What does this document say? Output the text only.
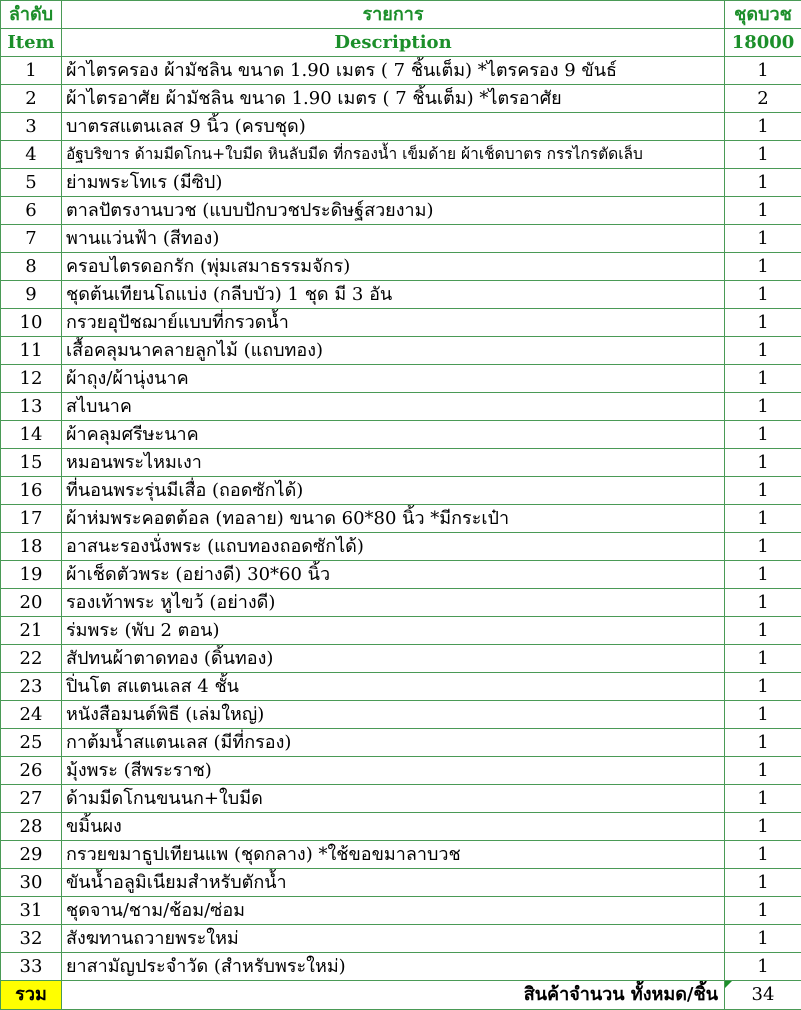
ลำดับ	รายการ	ชุดบวช
Item	Description	18000
1	ผ้าไตรครอง ผ้ามัชลิน ขนาด 1.90 เมตร ( 7 ชิ้นเต็ม) *ไตรครอง 9 ขันธ์	1
2	ผ้าไตรอาศัย ผ้ามัชลิน ขนาด 1.90 เมตร ( 7 ชิ้นเต็ม) *ไตรอาศัย	2
3	บาตรสแตนเลส 9 นิ้ว (ครบชุด)	1
4	อัฐบริขาร ด้ามมีดโกน+ใบมีด หินลับมีด ที่กรองน้ำ เข็มด้าย ผ้าเช็ดบาตร กรรไกรตัดเล็บ	1
5	ย่ามพระโทเร (มีซิป)	1
6	ตาลปัตรงานบวช (แบบปักบวชประดิษฐ์สวยงาม)	1
7	พานแว่นฟ้า (สีทอง)	1
8	ครอบไตรดอกรัก (พุ่มเสมาธรรมจักร)	1
9	ชุดต้นเทียนโถแบ่ง (กลีบบัว) 1 ชุด มี 3 อัน	1
10	กรวยอุปัชฌาย์แบบที่กรวดน้ำ	1
11	เสื้อคลุมนาคลายลูกไม้ (แถบทอง)	1
12	ผ้าถุง/ผ้านุ่งนาค	1
13	สไบนาค	1
14	ผ้าคลุมศรีษะนาค	1
15	หมอนพระไหมเงา	1
16	ที่นอนพระรุ่นมีเสื่อ (ถอดซักได้)	1
17	ผ้าห่มพระคอตต้อล (ทอลาย) ขนาด 60*80 นิ้ว *มีกระเป๋า	1
18	อาสนะรองนั่งพระ (แถบทองถอดซักได้)	1
19	ผ้าเช็ดตัวพระ (อย่างดี) 30*60 นิ้ว	1
20	รองเท้าพระ หูไขว้ (อย่างดี)	1
21	ร่มพระ (พับ 2 ตอน)	1
22	สัปทนผ้าตาดทอง (ดิ้นทอง)	1
23	ปิ่นโต สแตนเลส 4 ชั้น	1
24	หนังสือมนต์พิธี (เล่มใหญ่)	1
25	กาต้มน้ำสแตนเลส (มีที่กรอง)	1
26	มุ้งพระ (สีพระราช)	1
27	ด้ามมีดโกนขนนก+ใบมีด	1
28	ขมิ้นผง	1
29	กรวยขมาธูปเทียนแพ (ชุดกลาง) *ใช้ขอขมาลาบวช	1
30	ขันน้ำอลูมิเนียมสำหรับตักน้ำ	1
31	ชุดจาน/ชาม/ช้อม/ซ่อม	1
32	สังฆทานถวายพระใหม่	1
33	ยาสามัญประจำวัด (สำหรับพระใหม่)	1
รวม	สินค้าจำนวน ทั้งหมด/ชิ้น	34
